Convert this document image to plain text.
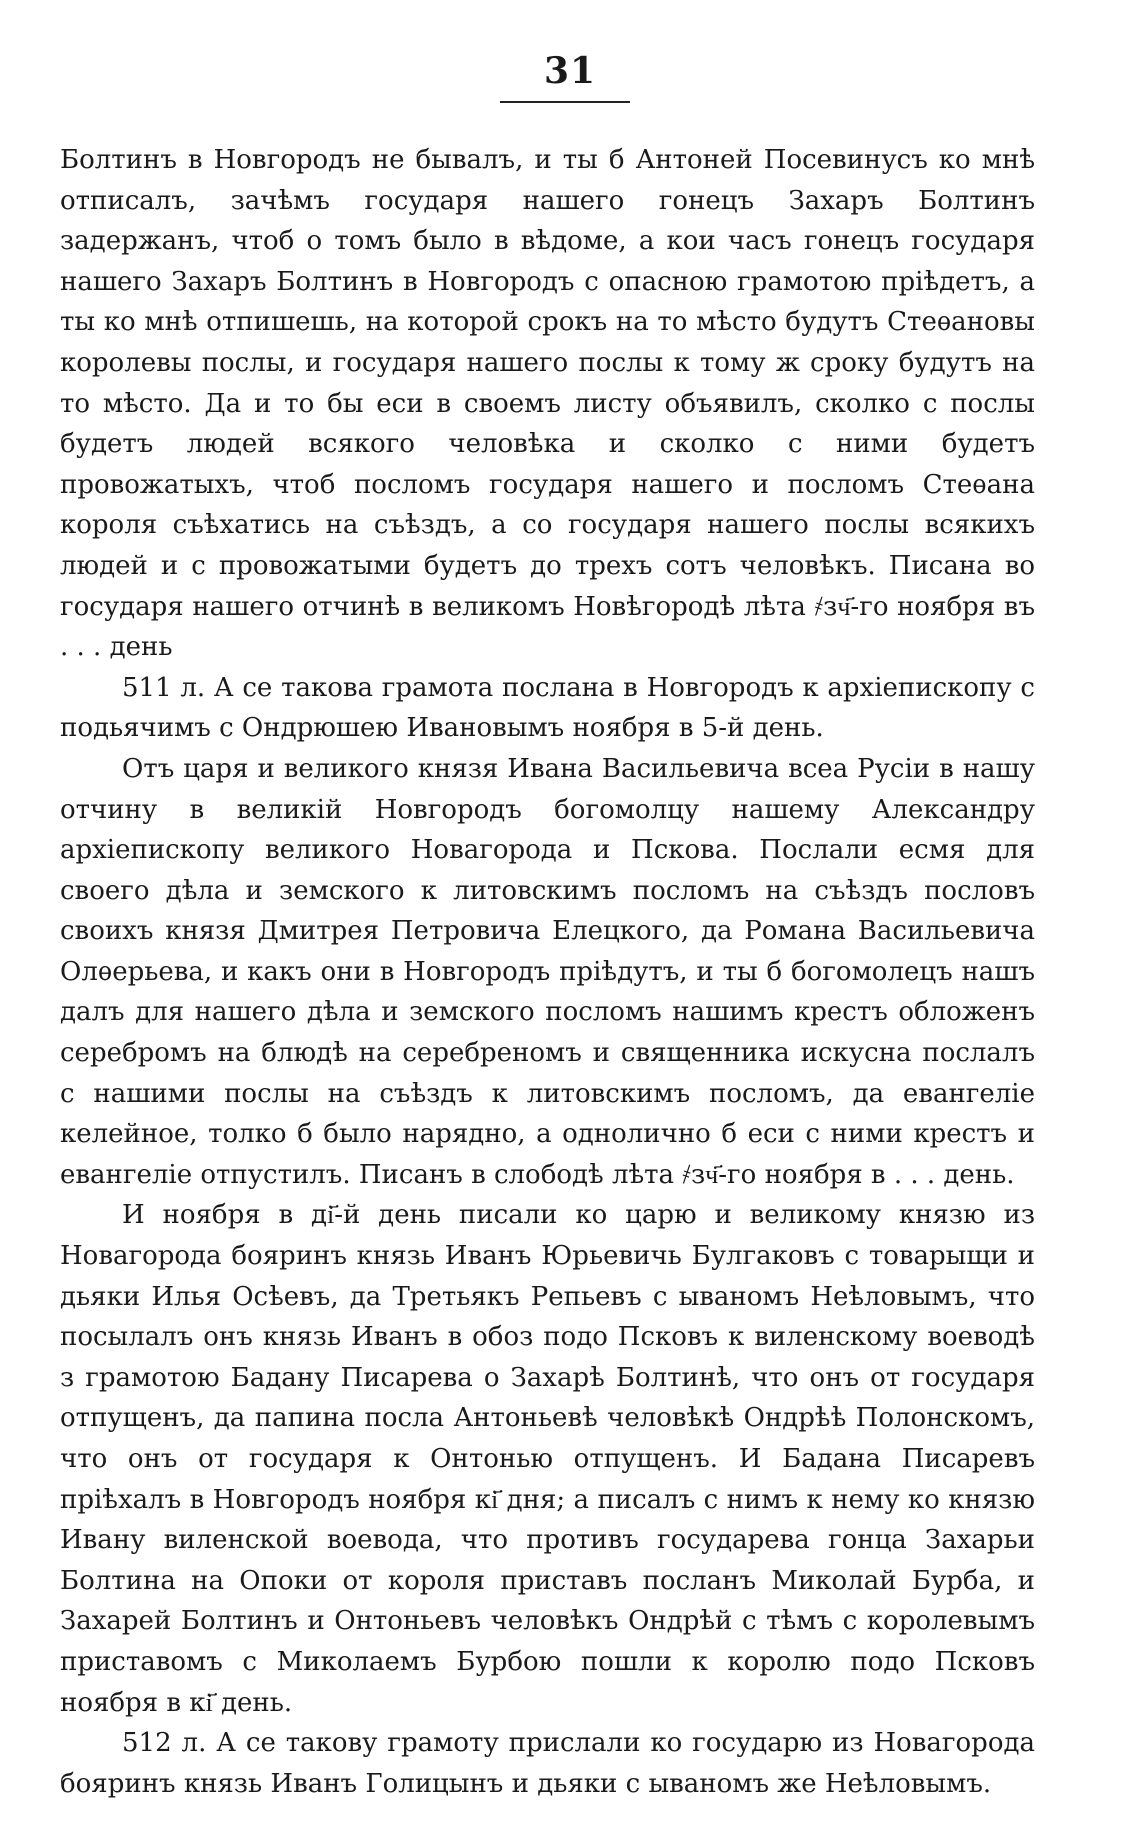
31

Болтинъ в Новгородъ не бывалъ, и ты б Антоней Посевинусъ ко мнѣ отписалъ, зачѣмъ государя нашего гонецъ Захаръ Болтинъ задержанъ, чтоб о томъ было в вѣдоме, а кои часъ гонецъ государя нашего Захаръ Болтинъ в Новгородъ с опасною грамотою прiѣдетъ, а ты ко мнѣ отпишешь, на которой срокъ на то мѣсто будутъ Стеѳановы королевы послы, и государя нашего послы к тому ж сроку будутъ на то мѣсто. Да и то бы еси в своемъ листу объявилъ, сколко с послы будетъ людей всякого человѣка и сколко с ними будетъ провожатыхъ, чтоб посломъ государя нашего и посломъ Стеѳана короля съѣхатись на съѣздъ, а со государя нашего послы всякихъ людей и с провожатыми будетъ до трехъ сотъ человѣкъ. Писана во государя нашего отчинѣ в великомъ Новѣгородѣ лѣта ҂зч҃-го ноября въ . . . день

511 л. А се такова грамота послана в Новгородъ к архiепископу с подьячимъ с Ондрюшею Ивановымъ ноября в 5-й день.

Отъ царя и великого князя Ивана Васильевича всеа Русiи в нашу отчину в великiй Новгородъ богомолцу нашему Александру архiепископу великого Новагорода и Пскова. Послали есмя для своего дѣла и земского к литовскимъ посломъ на съѣздъ пословъ своихъ князя Дмитрея Петровича Елецкого, да Романа Васильевича Олѳерьева, и какъ они в Новгородъ прiѣдутъ, и ты б богомолецъ нашъ далъ для нашего дѣла и земского посломъ нашимъ крестъ обложенъ серебромъ на блюдѣ на серебреномъ и священника искусна послалъ с нашими послы на съѣздъ к литовскимъ посломъ, да евангелiе келейное, толко б было нарядно, а однолично б еси с ними крестъ и евангелiе отпустилъ. Писанъ в слободѣ лѣта ҂зч҃-го ноября в . . . день.

И ноября в ді҃-й день писали ко царю и великому князю из Новагорода бояринъ князь Иванъ Юрьевичь Булгаковъ с товарыщи и дьяки Илья Осѣевъ, да Третьякъ Репьевъ с ываномъ Неѣловымъ, что посылалъ онъ князь Иванъ в обоз подо Псковъ к виленскому воеводѣ з грамотою Бадану Писарева о Захарѣ Болтинѣ, что онъ от государя отпущенъ, да папина посла Антоньевѣ человѣкѣ Ондрѣѣ Полонскомъ, что онъ от государя к Онтонью отпущенъ. И Бадана Писаревъ прiѣхалъ в Новгородъ ноября кі҃ дня; а писалъ с нимъ к нему ко князю Ивану виленской воевода, что противъ государева гонца Захарьи Болтина на Опоки от короля приставъ посланъ Миколай Бурба, и Захарей Болтинъ и Онтоньевъ человѣкъ Ондрѣй с тѣмъ с королевымъ приставомъ с Миколаемъ Бурбою пошли к королю подо Псковъ ноября в кі҃ день.

512 л. А се такову грамоту прислали ко государю из Новагорода бояринъ князь Иванъ Голицынъ и дьяки с ываномъ же Неѣловымъ.
